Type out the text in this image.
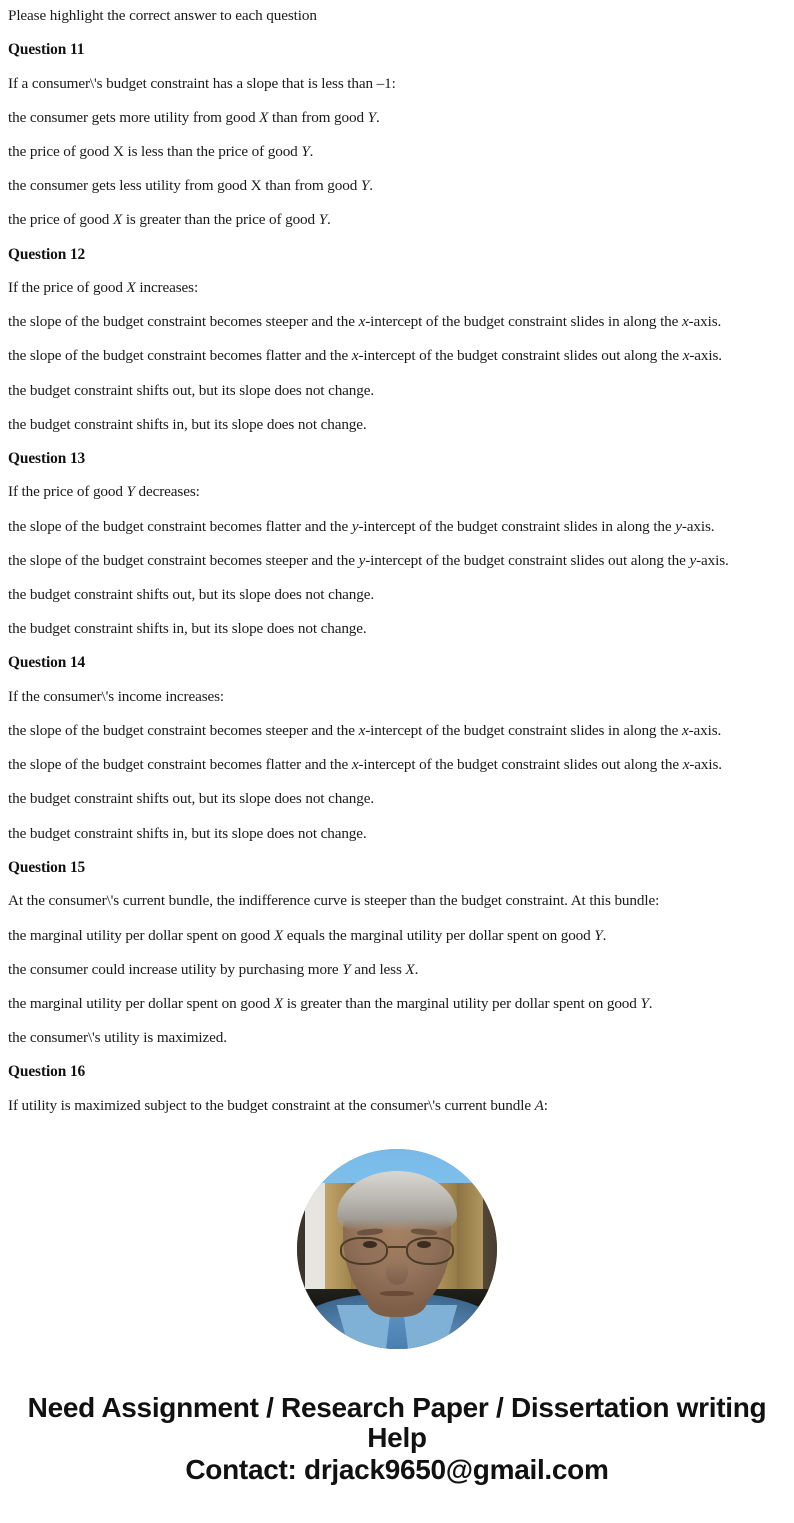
Please highlight the correct answer to each question

Question 11

If a consumer\'s budget constraint has a slope that is less than –1:

the consumer gets more utility from good X than from good Y.

the price of good X is less than the price of good Y.

the consumer gets less utility from good X than from good Y.

the price of good X is greater than the price of good Y.

Question 12

If the price of good X increases:

the slope of the budget constraint becomes steeper and the x-intercept of the budget constraint slides in along the x-axis.

the slope of the budget constraint becomes flatter and the x-intercept of the budget constraint slides out along the x-axis.

the budget constraint shifts out, but its slope does not change.

the budget constraint shifts in, but its slope does not change.

Question 13

If the price of good Y decreases:

the slope of the budget constraint becomes flatter and the y-intercept of the budget constraint slides in along the y-axis.

the slope of the budget constraint becomes steeper and the y-intercept of the budget constraint slides out along the y-axis.

the budget constraint shifts out, but its slope does not change.

the budget constraint shifts in, but its slope does not change.

Question 14

If the consumer\'s income increases:

the slope of the budget constraint becomes steeper and the x-intercept of the budget constraint slides in along the x-axis.

the slope of the budget constraint becomes flatter and the x-intercept of the budget constraint slides out along the x-axis.

the budget constraint shifts out, but its slope does not change.

the budget constraint shifts in, but its slope does not change.

Question 15

At the consumer\'s current bundle, the indifference curve is steeper than the budget constraint. At this bundle:

the marginal utility per dollar spent on good X equals the marginal utility per dollar spent on good Y.

the consumer could increase utility by purchasing more Y and less X.

the marginal utility per dollar spent on good X is greater than the marginal utility per dollar spent on good Y.

the consumer\'s utility is maximized.

Question 16

If utility is maximized subject to the budget constraint at the consumer\'s current bundle A:

Need Assignment / Research Paper / Dissertation writing Help
Contact: drjack9650@gmail.com
